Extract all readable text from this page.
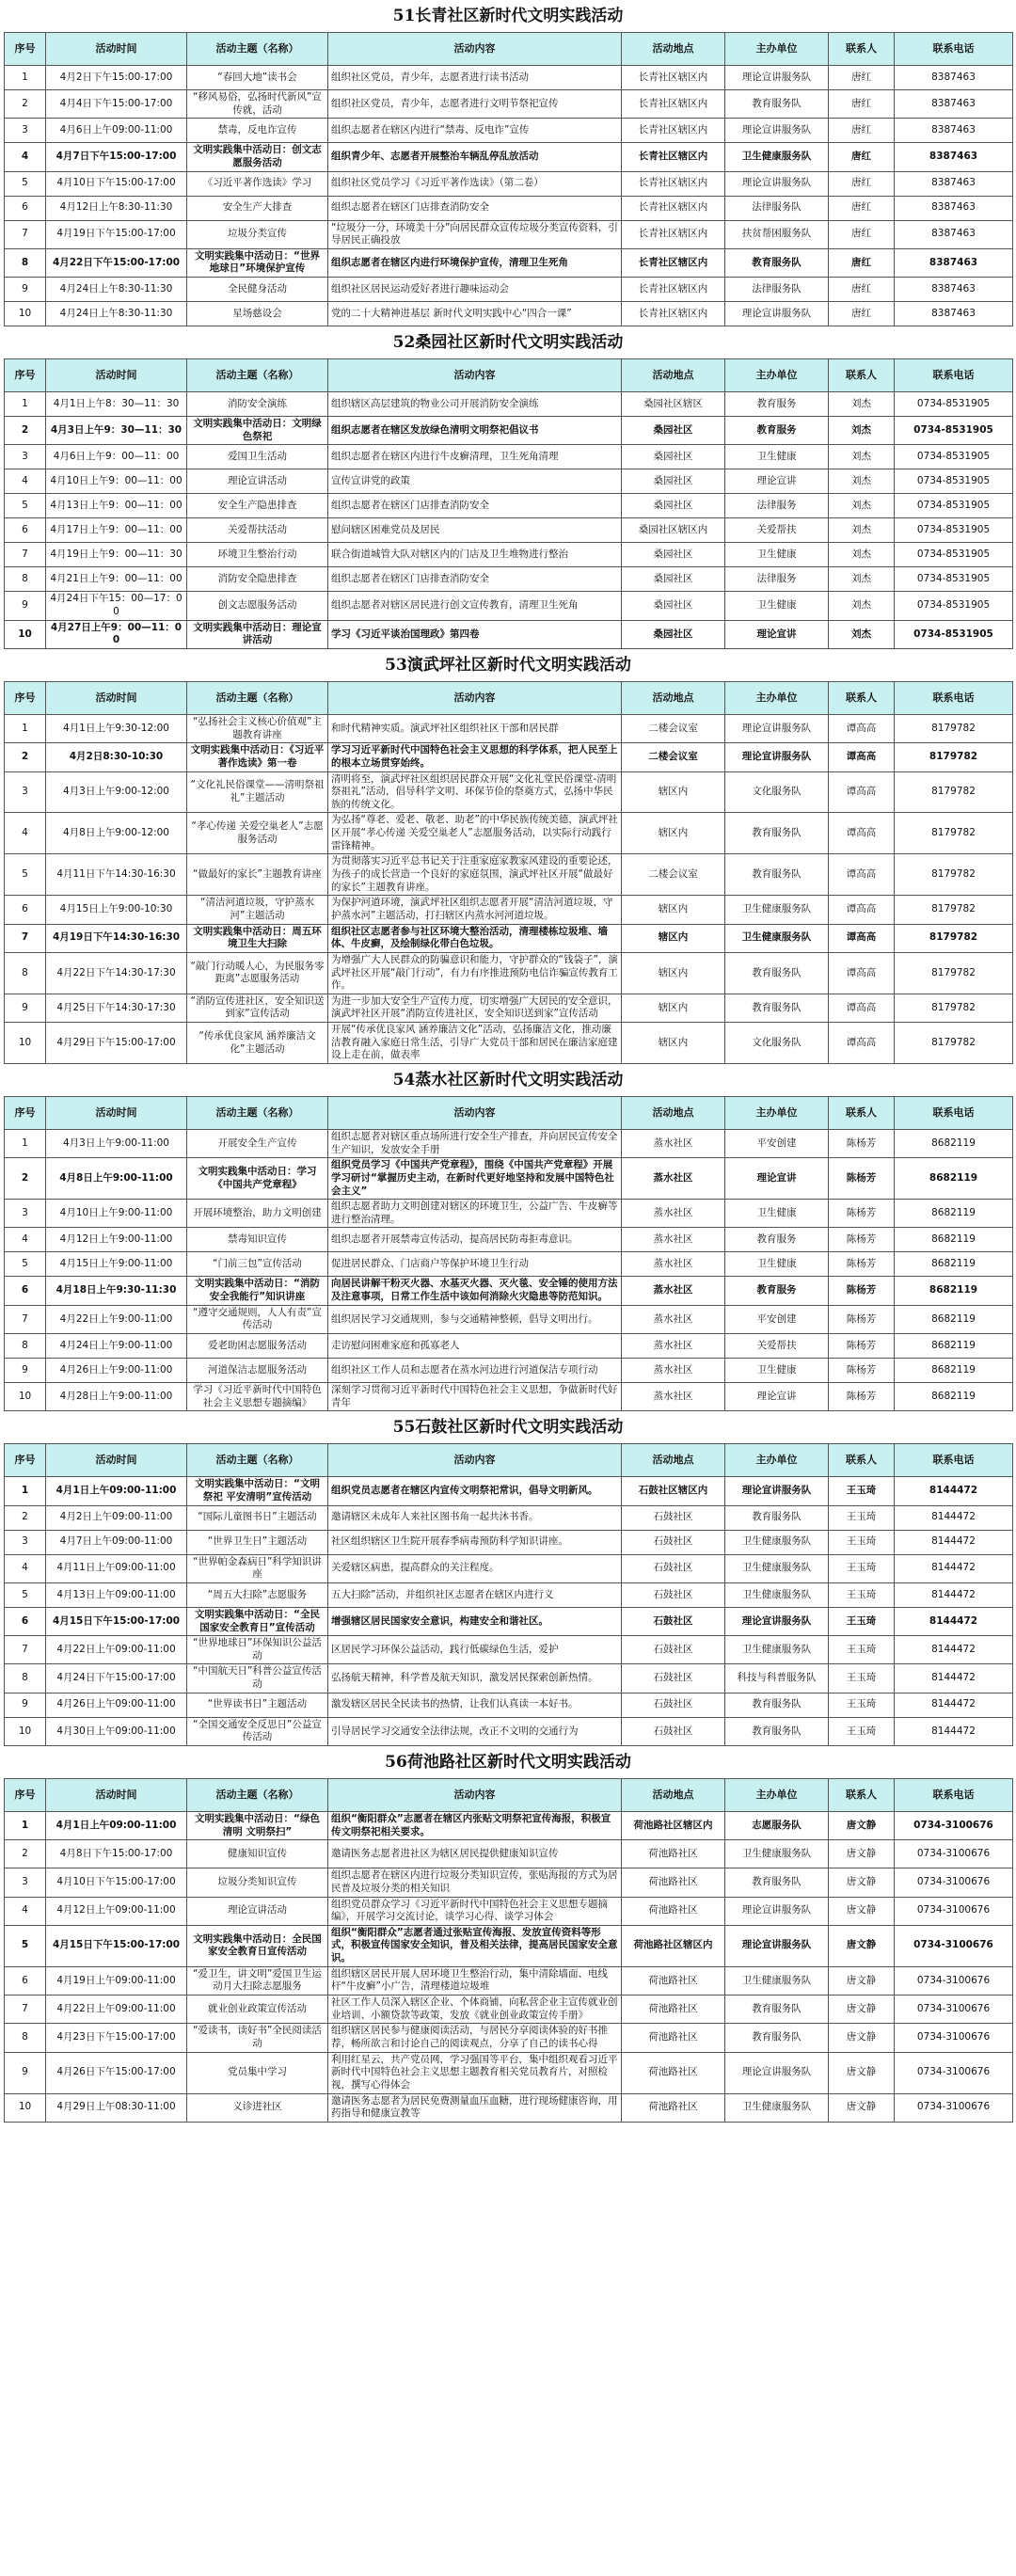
51长青社区新时代文明实践活动
序号	活动时间	活动主题（名称）	活动内容	活动地点	主办单位	联系人	联系电话
1	4月2日下午15:00-17:00	“春回大地”读书会	组织社区党员，青少年，志愿者进行读书活动	长青社区辖区内	理论宣讲服务队	唐红	8387463
2	4月4日下午15:00-17:00	“移风易俗，弘扬时代新风”宣传就，活动	组织社区党员，青少年，志愿者进行文明节祭祀宣传	长青社区辖区内	教育服务队	唐红	8387463
3	4月6日上午09:00-11:00	禁毒，反电诈宣传	组织志愿者在辖区内进行“禁毒、反电诈”宣传	长青社区辖区内	理论宣讲服务队	唐红	8387463
4	4月7日下午15:00-17:00	文明实践集中活动日：创文志愿服务活动	组织青少年、志愿者开展整治车辆乱停乱放活动	长青社区辖区内	卫生健康服务队	唐红	8387463
5	4月10日下午15:00-17:00	《习近平著作选读》学习	组织社区党员学习《习近平著作选读》（第二卷）	长青社区辖区内	理论宣讲服务队	唐红	8387463
6	4月12日上午8:30-11:30	安全生产大排查	组织志愿者在辖区门店排查消防安全	长青社区辖区内	法律服务队	唐红	8387463
7	4月19日下午15:00-17:00	垃圾分类宣传	“垃圾分一分，环境美十分”向居民群众宣传垃圾分类宣传资料，引导居民正确投放	长青社区辖区内	扶贫帮困服务队	唐红	8387463
8	4月22日下午15:00-17:00	文明实践集中活动日：“世界地球日”环境保护宣传	组织志愿者在辖区内进行环境保护宣传，清理卫生死角	长青社区辖区内	教育服务队	唐红	8387463
9	4月24日上午8:30-11:30	全民健身活动	组织社区居民运动爱好者进行趣味运动会	长青社区辖区内	法律服务队	唐红	8387463
10	4月24日上午8:30-11:30	星场慈设会	党的二十大精神进基层 新时代文明实践中心“四合一课”	长青社区辖区内	理论宣讲服务队	唐红	8387463
52桑园社区新时代文明实践活动
序号	活动时间	活动主题（名称）	活动内容	活动地点	主办单位	联系人	联系电话
1	4月1日上午8：30—11：30	消防安全演练	组织辖区高层建筑的物业公司开展消防安全演练	桑园社区辖区	教育服务	刘杰	0734-8531905
2	4月3日上午9：30—11：30	文明实践集中活动日：文明绿色祭祀	组织志愿者在辖区发放绿色清明文明祭祀倡议书	桑园社区	教育服务	刘杰	0734-8531905
3	4月6日上午9：00—11：00	爱国卫生活动	组织志愿者在辖区内进行牛皮癣清理，卫生死角清理	桑园社区	卫生健康	刘杰	0734-8531905
4	4月10日上午9：00—11：00	理论宣讲活动	宣传宣讲党的政策	桑园社区	理论宣讲	刘杰	0734-8531905
5	4月13日上午9：00—11：00	安全生产隐患排查	组织志愿者在辖区门店排查消防安全	桑园社区	法律服务	刘杰	0734-8531905
6	4月17日上午9：00—11：00	关爱帮扶活动	慰问辖区困难党员及居民	桑园社区辖区内	关爱帮扶	刘杰	0734-8531905
7	4月19日上午9：00—11：30	环境卫生整治行动	联合街道城管大队对辖区内的门店及卫生堆物进行整治	桑园社区	卫生健康	刘杰	0734-8531905
8	4月21日上午9：00—11：00	消防安全隐患排查	组织志愿者在辖区门店排查消防安全	桑园社区	法律服务	刘杰	0734-8531905
9	4月24日下午15：00—17：00	创文志愿服务活动	组织志愿者对辖区居民进行创文宣传教育，清理卫生死角	桑园社区	卫生健康	刘杰	0734-8531905
10	4月27日上午9：00—11：00	文明实践集中活动日：理论宣讲活动	学习《习近平谈治国理政》第四卷	桑园社区	理论宣讲	刘杰	0734-8531905
53演武坪社区新时代文明实践活动
序号	活动时间	活动主题（名称）	活动内容	活动地点	主办单位	联系人	联系电话
1	4月1日上午9:30-12:00	“弘扬社会主义核心价值观”主题教育讲座	和时代精神实质。演武坪社区组织社区干部和居民群	二楼会议室	理论宣讲服务队	谭高高	8179782
2	4月2日8:30-10:30	文明实践集中活动日：《习近平著作选读》第一卷	学习习近平新时代中国特色社会主义思想的科学体系，把人民至上的根本立场贯穿始终。	二楼会议室	理论宣讲服务队	谭高高	8179782
3	4月3日上午9:00-12:00	“文化礼民俗课堂——清明祭祖礼”主题活动	清明将至，演武坪社区组织居民群众开展“文化礼堂民俗课堂-清明祭祖礼”活动，倡导科学文明、环保节俭的祭奠方式，弘扬中华民族的传统文化。	辖区内	文化服务队	谭高高	8179782
4	4月8日上午9:00-12:00	“孝心传递 关爱空巢老人”志愿服务活动	为弘扬“尊老、爱老、敬老、助老”的中华民族传统美德，演武坪社区开展“孝心传递 关爱空巢老人”志愿服务活动，以实际行动践行雷锋精神。	辖区内	教育服务队	谭高高	8179782
5	4月11日下午14:30-16:30	“做最好的家长”主题教育讲座	为贯彻落实习近平总书记关于注重家庭家教家风建设的重要论述，为孩子的成长营造一个良好的家庭氛围，演武坪社区开展“做最好的家长”主题教育讲座。	二楼会议室	教育服务队	谭高高	8179782
6	4月15日上午9:00-10:30	“清洁河道垃圾，守护蒸水河”主题活动	为保护河道环境，演武坪社区组织志愿者开展“清洁河道垃圾，守护蒸水河”主题活动，打扫辖区内蒸水河河道垃圾。	辖区内	卫生健康服务队	谭高高	8179782
7	4月19日下午14:30-16:30	文明实践集中活动日：周五环境卫生大扫除	组织社区志愿者参与社区环境大整治活动，清理楼栋垃圾堆、墙体、牛皮癣，及绘制绿化带白色垃圾。	辖区内	卫生健康服务队	谭高高	8179782
8	4月22日下午14:30-17:30	“敲门行动暖人心，为民服务零距离”志愿服务活动	为增强广大人民群众的防骗意识和能力，守护群众的“钱袋子”，演武坪社区开展“敲门行动”，有力有序推进预防电信诈骗宣传教育工作。	辖区内	教育服务队	谭高高	8179782
9	4月25日下午14:30-17:30	“消防宣传进社区，安全知识送到家”宣传活动	为进一步加大安全生产宣传力度，切实增强广大居民的安全意识，演武坪社区开展“消防宣传进社区，安全知识送到家”宣传活动	辖区内	教育服务队	谭高高	8179782
10	4月29日下午15:00-17:00	“传承优良家风 涵养廉洁文化”主题活动	开展“传承优良家风 涵养廉洁文化”活动，弘扬廉洁文化，推动廉洁教育融入家庭日常生活，引导广大党员干部和居民在廉洁家庭建设上走在前，做表率	辖区内	文化服务队	谭高高	8179782
54蒸水社区新时代文明实践活动
序号	活动时间	活动主题（名称）	活动内容	活动地点	主办单位	联系人	联系电话
1	4月3日上午9:00-11:00	开展安全生产宣传	组织志愿者对辖区重点场所进行安全生产排查，并向居民宣传安全生产知识，发放安全手册	蒸水社区	平安创建	陈杨芳	8682119
2	4月8日上午9:00-11:00	文明实践集中活动日：学习《中国共产党章程》	组织党员学习《中国共产党章程》，围绕《中国共产党章程》开展学习研讨“掌握历史主动，在新时代更好地坚持和发展中国特色社会主义”	蒸水社区	理论宣讲	陈杨芳	8682119
3	4月10日上午9:00-11:00	开展环境整治，助力文明创建	组织志愿者助力文明创建对辖区的环境卫生，公益广告、牛皮癣等进行整治清理。	蒸水社区	卫生健康	陈杨芳	8682119
4	4月12日上午9:00-11:00	禁毒知识宣传	组织志愿者开展禁毒宣传活动，提高居民防毒拒毒意识。	蒸水社区	教育服务	陈杨芳	8682119
5	4月15日上午9:00-11:00	“门前三包”宣传活动	促进居民群众、门店商户等保护环境卫生行动	蒸水社区	卫生健康	陈杨芳	8682119
6	4月18日上午9:30-11:30	文明实践集中活动日：“消防安全我能行”知识讲座	向居民讲解干粉灭火器、水基灭火器、灭火毯、安全锤的使用方法及注意事项，日常工作生活中该如何消除火灾隐患等防范知识。	蒸水社区	教育服务	陈杨芳	8682119
7	4月22日上午9:00-11:00	“遵守交通规则，人人有责”宣传活动	组织居民学习交通规则，参与交通精神整顿，倡导文明出行。	蒸水社区	平安创建	陈杨芳	8682119
8	4月24日上午9:00-11:00	爱老助困志愿服务活动	走访慰问困难家庭和孤寡老人	蒸水社区	关爱帮扶	陈杨芳	8682119
9	4月26日上午9:00-11:00	河道保洁志愿服务活动	组织社区工作人员和志愿者在蒸水河边进行河道保洁专项行动	蒸水社区	卫生健康	陈杨芳	8682119
10	4月28日上午9:00-11:00	学习《习近平新时代中国特色社会主义思想专题摘编》	深刻学习贯彻习近平新时代中国特色社会主义思想，争做新时代好青年	蒸水社区	理论宣讲	陈杨芳	8682119
55石鼓社区新时代文明实践活动
序号	活动时间	活动主题（名称）	活动内容	活动地点	主办单位	联系人	联系电话
1	4月1日上午09:00-11:00	文明实践集中活动日：“文明祭祀 平安清明”宣传活动	组织党员志愿者在辖区内宣传文明祭祀常识，倡导文明新风。	石鼓社区辖区内	理论宣讲服务队	王玉琦	8144472
2	4月2日上午09:00-11:00	“国际儿童图书日”主题活动	邀请辖区未成年人来社区图书角一起共沐书香。	石鼓社区	教育服务队	王玉琦	8144472
3	4月7日上午09:00-11:00	“世界卫生日”主题活动	社区组织辖区卫生院开展春季病毒预防科学知识讲座。	石鼓社区	卫生健康服务队	王玉琦	8144472
4	4月11日上午09:00-11:00	“世界帕金森病日”科学知识讲座	关爱辖区病患，提高群众的关注程度。	石鼓社区	卫生健康服务队	王玉琦	8144472
5	4月13日上午09:00-11:00	“周五大扫除”志愿服务	五大扫除”活动，并组织社区志愿者在辖区内进行义	石鼓社区	卫生健康服务队	王玉琦	8144472
6	4月15日下午15:00-17:00	文明实践集中活动日：“全民国家安全教育日”宣传活动	增强辖区居民国家安全意识，构建安全和谐社区。	石鼓社区	理论宣讲服务队	王玉琦	8144472
7	4月22日上午09:00-11:00	“世界地球日”环保知识公益活动	区居民学习环保公益活动，践行低碳绿色生活，爱护	石鼓社区	卫生健康服务队	王玉琦	8144472
8	4月24日下午15:00-17:00	“中国航天日”科普公益宣传活动	弘扬航天精神，科学普及航天知识，激发居民探索创新热情。	石鼓社区	科技与科普服务队	王玉琦	8144472
9	4月26日上午09:00-11:00	“世界读书日”主题活动	激发辖区居民全民读书的热情，让我们认真读一本好书。	石鼓社区	教育服务队	王玉琦	8144472
10	4月30日上午09:00-11:00	“全国交通安全反思日”公益宣传活动	引导居民学习交通安全法律法规，改正不文明的交通行为	石鼓社区	教育服务队	王玉琦	8144472
56荷池路社区新时代文明实践活动
序号	活动时间	活动主题（名称）	活动内容	活动地点	主办单位	联系人	联系电话
1	4月1日上午09:00-11:00	文明实践集中活动日：“绿色清明 文明祭扫”	组织“衡阳群众”志愿者在辖区内张贴文明祭祀宣传海报，积极宣传文明祭祀相关要求。	荷池路社区辖区内	志愿服务队	唐文静	0734-3100676
2	4月8日下午15:00-17:00	健康知识宣传	邀请医务志愿者进社区为辖区居民提供健康知识宣传	荷池路社区	卫生健康服务队	唐文静	0734-3100676
3	4月10日下午15:00-17:00	垃圾分类知识宣传	组织志愿者在辖区内进行垃圾分类知识宣传，张贴海报的方式为居民普及垃圾分类的相关知识	荷池路社区	教育服务队	唐文静	0734-3100676
4	4月12日上午09:00-11:00	理论宣讲活动	组织党员群众学习《习近平新时代中国特色社会主义思想专题摘编》，开展学习交流讨论，谈学习心得、谈学习体会	荷池路社区	理论宣讲服务队	唐文静	0734-3100676
5	4月15日下午15:00-17:00	文明实践集中活动日：全民国家安全教育日宣传活动	组织“衡阳群众”志愿者通过张贴宣传海报、发放宣传资料等形式，积极宣传国家安全知识，普及相关法律，提高居民国家安全意识。	荷池路社区辖区内	理论宣讲服务队	唐文静	0734-3100676
6	4月19日上午09:00-11:00	“爱卫生，讲文明”爱国卫生运动月大扫除志愿服务	组织辖区居民开展人居环境卫生整治行动，集中清除墙面、电线杆“牛皮癣”小广告，清理楼道垃圾堆	荷池路社区	卫生健康服务队	唐文静	0734-3100676
7	4月22日上午09:00-11:00	就业创业政策宣传活动	社区工作人员深入辖区企业、个体商铺，向私营企业主宣传就业创业培训、小额贷款等政策，发放《就业创业政策宣传手册》	荷池路社区	教育服务队	唐文静	0734-3100676
8	4月23日下午15:00-17:00	“爱读书，读好书”全民阅读活动	组织辖区居民参与健康阅读活动，与居民分享阅读体验的好书推荐，畅所欲言和讨论自己的阅读观点，分享了自己的读书心得	荷池路社区	教育服务队	唐文静	0734-3100676
9	4月26日下午15:00-17:00	党员集中学习	利用红星云，共产党员网，学习强国等平台，集中组织观看习近平新时代中国特色社会主义思想主题教育相关党员教育片，对照检视，撰写心得体会	荷池路社区	理论宣讲服务队	唐文静	0734-3100676
10	4月29日上午08:30-11:00	义诊进社区	邀请医务志愿者为居民免费测量血压血糖，进行现场健康咨询，用药指导和健康宣教等	荷池路社区	卫生健康服务队	唐文静	0734-3100676
